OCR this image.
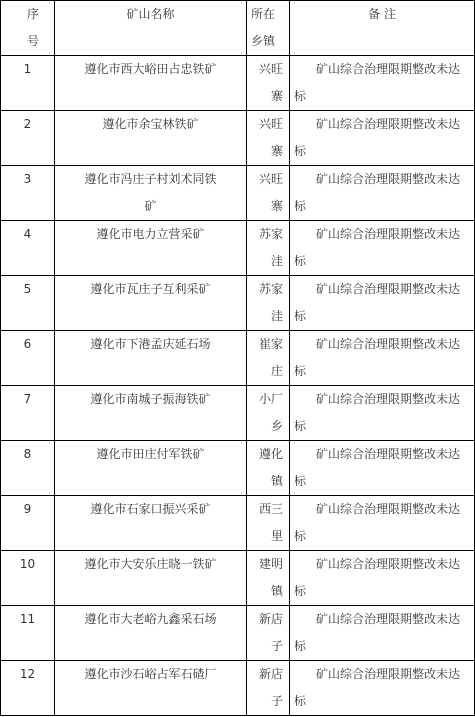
序号	矿山名称	所在乡镇	备 注

1	遵化市西大峪田占忠铁矿	兴旺寨	矿山综合治理限期整改未达标

2	遵化市余宝林铁矿	兴旺寨	矿山综合治理限期整改未达标

3	遵化市冯庄子村刘术同铁矿	兴旺寨	矿山综合治理限期整改未达标

4	遵化市电力立营采矿	苏家洼	矿山综合治理限期整改未达标

5	遵化市瓦庄子互利采矿	苏家洼	矿山综合治理限期整改未达标

6	遵化市下港孟庆延石场	崔家庄	矿山综合治理限期整改未达标

7	遵化市南城子振海铁矿	小厂乡	矿山综合治理限期整改未达标

8	遵化市田庄付军铁矿	遵化镇	矿山综合治理限期整改未达标

9	遵化市石家口振兴采矿	西三里	矿山综合治理限期整改未达标

10	遵化市大安乐庄晓一铁矿	建明镇	矿山综合治理限期整改未达标

11	遵化市大老峪九鑫采石场	新店子	矿山综合治理限期整改未达标

12	遵化市沙石峪占军石碴厂	新店子	矿山综合治理限期整改未达标
